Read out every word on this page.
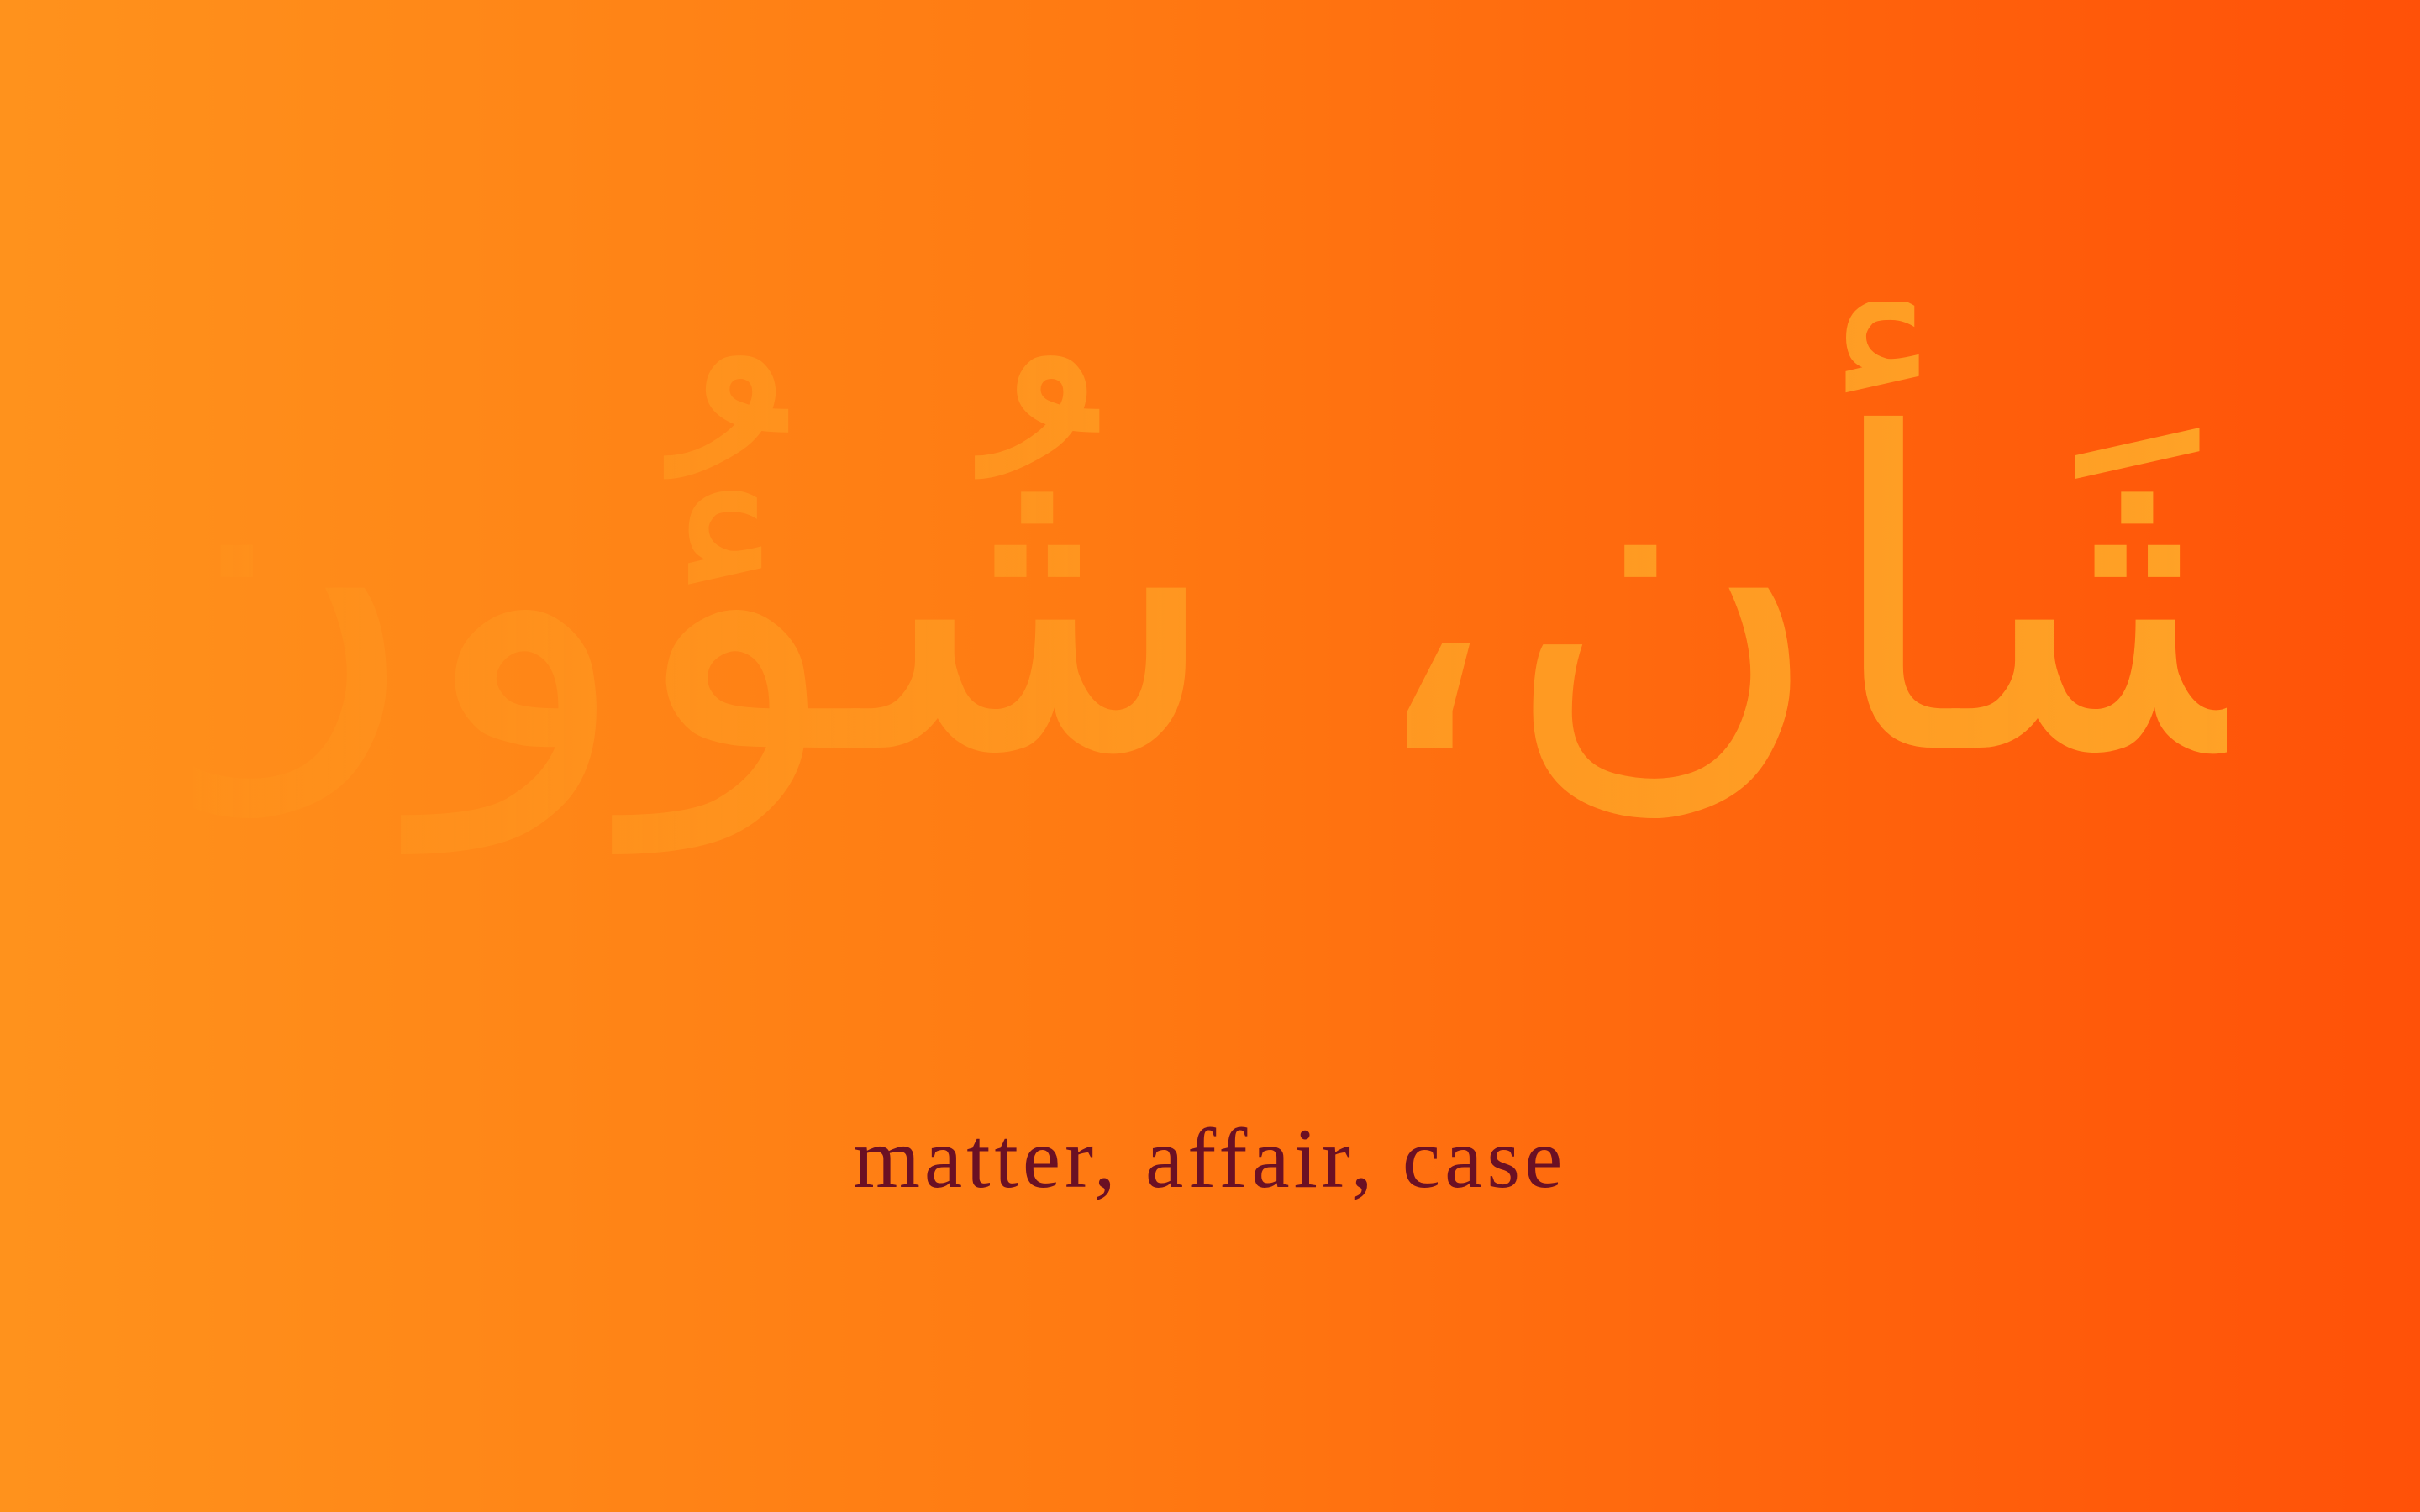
شَأْن، شُؤُون
matter, affair, case
